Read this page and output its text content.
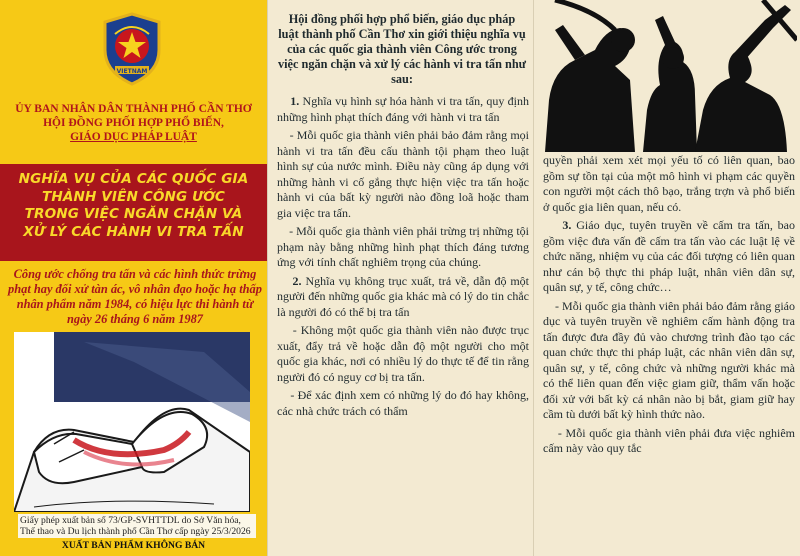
VIETNAM
ỦY BAN NHÂN DÂN THÀNH PHỐ CẦN THƠ
HỘI ĐỒNG PHỐI HỢP PHỔ BIẾN,
GIÁO DỤC PHÁP LUẬT
NGHĨA VỤ CỦA CÁC QUỐC GIA
THÀNH VIÊN CÔNG ƯỚC
TRONG VIỆC NGĂN CHẶN VÀ
XỬ LÝ CÁC HÀNH VI TRA TẤN
Công ước chống tra tấn và các hình thức trừng phạt hay đối xử tàn ác, vô nhân đạo hoặc hạ thấp nhân phẩm năm 1984, có hiệu lực thi hành từ ngày 26 tháng 6 năm 1987
Giấy phép xuất bản số 73/GP-SVHTTDL do Sở Văn hóa, Thể thao và Du lịch thành phố Cần Thơ cấp ngày 25/3/2026
XUẤT BẢN PHẨM KHÔNG BÁN
Hội đồng phối hợp phổ biến, giáo dục pháp luật thành phố Cần Thơ xin giới thiệu nghĩa vụ của các quốc gia thành viên Công ước trong việc ngăn chặn và xử lý các hành vi tra tấn như sau:

1. Nghĩa vụ hình sự hóa hành vi tra tấn, quy định những hình phạt thích đáng với hành vi tra tấn

- Mỗi quốc gia thành viên phải bảo đảm rằng mọi hành vi tra tấn đều cấu thành tội phạm theo luật hình sự của nước mình. Điều này cũng áp dụng với những hành vi cố gắng thực hiện việc tra tấn hoặc hành vi của bất kỳ người nào đồng loã hoặc tham gia việc tra tấn.

- Mỗi quốc gia thành viên phải trừng trị những tội phạm này bằng những hình phạt thích đáng tương ứng với tính chất nghiêm trọng của chúng.

2. Nghĩa vụ không trục xuất, trả về, dẫn độ một người đến những quốc gia khác mà có lý do tin chắc là người đó có thể bị tra tấn

- Không một quốc gia thành viên nào được trục xuất, đẩy trả về hoặc dẫn độ một người cho một quốc gia khác, nơi có nhiều lý do thực tế để tin rằng người đó có nguy cơ bị tra tấn.

- Để xác định xem có những lý do đó hay không, các nhà chức trách có thẩm

quyền phải xem xét mọi yếu tố có liên quan, bao gồm sự tồn tại của một mô hình vi phạm các quyền con người một cách thô bạo, trắng trợn và phổ biến ở quốc gia liên quan, nếu có.

3. Giáo dục, tuyên truyền về cấm tra tấn, bao gồm việc đưa vấn đề cấm tra tấn vào các luật lệ về chức năng, nhiệm vụ của các đối tượng có liên quan như cán bộ thực thi pháp luật, nhân viên dân sự, quân sự, y tế, công chức…

- Mỗi quốc gia thành viên phải bảo đảm rằng giáo dục và tuyên truyền về nghiêm cấm hành động tra tấn được đưa đầy đủ vào chương trình đào tạo các quan chức thực thi pháp luật, các nhân viên dân sự, quân sự, y tế, công chức và những người khác mà có thể liên quan đến việc giam giữ, thẩm vấn hoặc đối xử với bất kỳ cá nhân nào bị bắt, giam giữ hay cầm tù dưới bất kỳ hình thức nào.

- Mỗi quốc gia thành viên phải đưa việc nghiêm cấm này vào quy tắc
